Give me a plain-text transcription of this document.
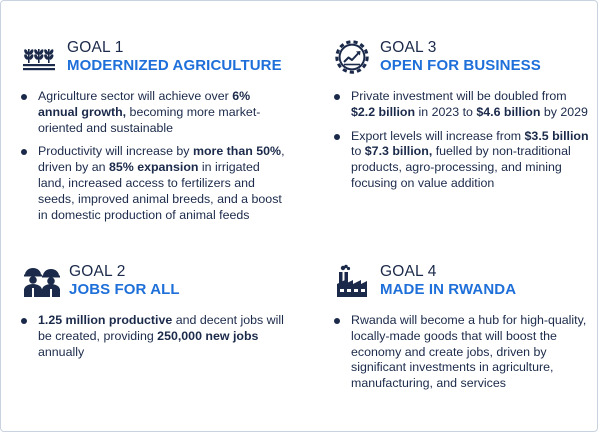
GOAL 1
MODERNIZED AGRICULTURE
Agriculture sector will achieve over 6% annual growth, becoming more market-oriented and sustainable
Productivity will increase by more than 50%, driven by an 85% expansion in irrigated land, increased access to fertilizers and seeds, improved animal breeds, and a boost in domestic production of animal feeds
GOAL 3
OPEN FOR BUSINESS
Private investment will be doubled from $2.2 billion in 2023 to $4.6 billion by 2029
Export levels will increase from $3.5 billion to $7.3 billion, fuelled by non-traditional products, agro-processing, and mining focusing on value addition
GOAL 2
JOBS FOR ALL
1.25 million productive and decent jobs will be created, providing 250,000 new jobs annually
GOAL 4
MADE IN RWANDA
Rwanda will become a hub for high-quality, locally-made goods that will boost the economy and create jobs, driven by significant investments in agriculture, manufacturing, and services
